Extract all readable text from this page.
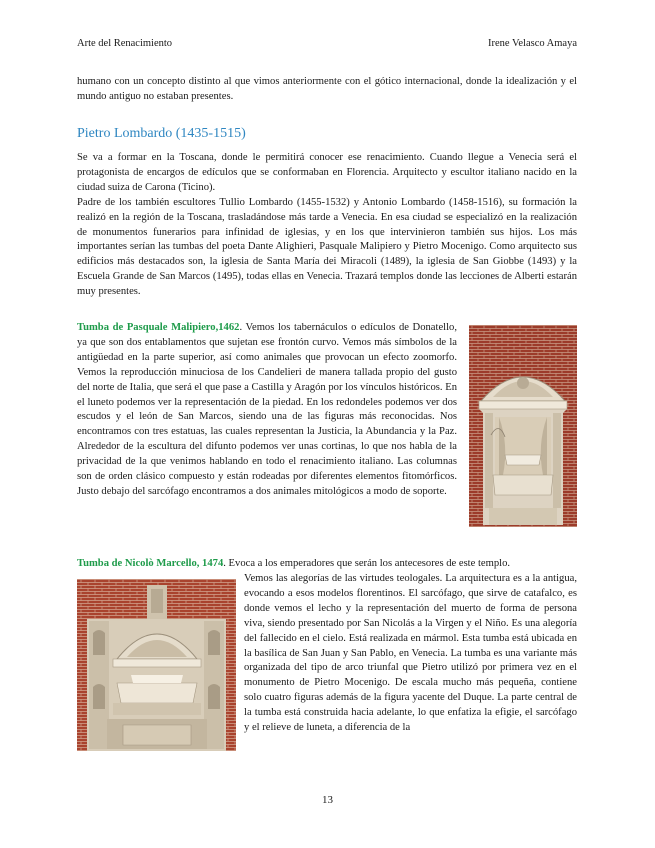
Arte del Renacimiento	Irene Velasco Amaya
humano con un concepto distinto al que vimos anteriormente con el gótico internacional, donde la idealización y el mundo antiguo no estaban presentes.
Pietro Lombardo (1435-1515)

Se va a formar en la Toscana, donde le permitirá conocer ese renacimiento. Cuando llegue a Venecia será el protagonista de encargos de edículos que se conformaban en Florencia. Arquitecto y escultor italiano nacido en la ciudad suiza de Carona (Ticino).

Padre de los también escultores Tullio Lombardo (1455-1532) y Antonio Lombardo (1458-1516), su formación la realizó en la región de la Toscana, trasladándose más tarde a Venecia. En esa ciudad se especializó en la realización de monumentos funerarios para infinidad de iglesias, y en los que intervinieron también sus hijos. Los más importantes serían las tumbas del poeta Dante Alighieri, Pasquale Malipiero y Pietro Mocenigo. Como arquitecto sus edificios más destacados son, la iglesia de Santa María dei Miracoli (1489), la iglesia de San Giobbe (1493) y la Escuela Grande de San Marcos (1495), todas ellas en Venecia. Trazará templos donde las lecciones de Alberti estarán muy presentes.

Tumba de Pasquale Malipiero,1462. Vemos los tabernáculos o edículos de Donatello, ya que son dos entablamentos que sujetan ese frontón curvo. Vemos más símbolos de la antigüedad en la parte superior, así como animales que provocan un efecto zoomorfo. Vemos la reproducción minuciosa de los Candelieri de manera tallada propio del gusto del norte de Italia, que será el que pase a Castilla y Aragón por los vínculos históricos. En el luneto podemos ver la representación de la piedad. En los redondeles podemos ver dos escudos y el león de San Marcos, siendo una de las figuras más reconocidas. Nos encontramos con tres estatuas, las cuales representan la Justicia, la Abundancia y la Paz. Alrededor de la escultura del difunto podemos ver unas cortinas, lo que nos habla de la privacidad de la que venimos hablando en todo el renacimiento italiano. Las columnas son de orden clásico compuesto y están rodeadas por diferentes elementos fitomórficos. Justo debajo del sarcófago encontramos a dos animales mitológicos a modo de soporte.
Tumba de Nicolò Marcello, 1474. Evoca a los emperadores que serán los antecesores de este templo.
Vemos las alegorías de las virtudes teologales. La arquitectura es a la antigua, evocando a esos modelos florentinos. El sarcófago, que sirve de catafalco, es donde vemos el lecho y la representación del muerto de forma de persona viva, siendo presentado por San Nicolás a la Virgen y el Niño. Es una alegoría del fallecido en el cielo. Está realizada en mármol. Esta tumba está ubicada en la basílica de San Juan y San Pablo, en Venecia. La tumba es una variante más organizada del tipo de arco triunfal que Pietro utilizó por primera vez en el monumento de Pietro Mocenigo. De escala mucho más pequeña, contiene solo cuatro figuras además de la figura yacente del Duque. La parte central de la tumba está construida hacia adelante, lo que enfatiza la efigie, el sarcófago y el relieve de luneta, a diferencia de la
13
